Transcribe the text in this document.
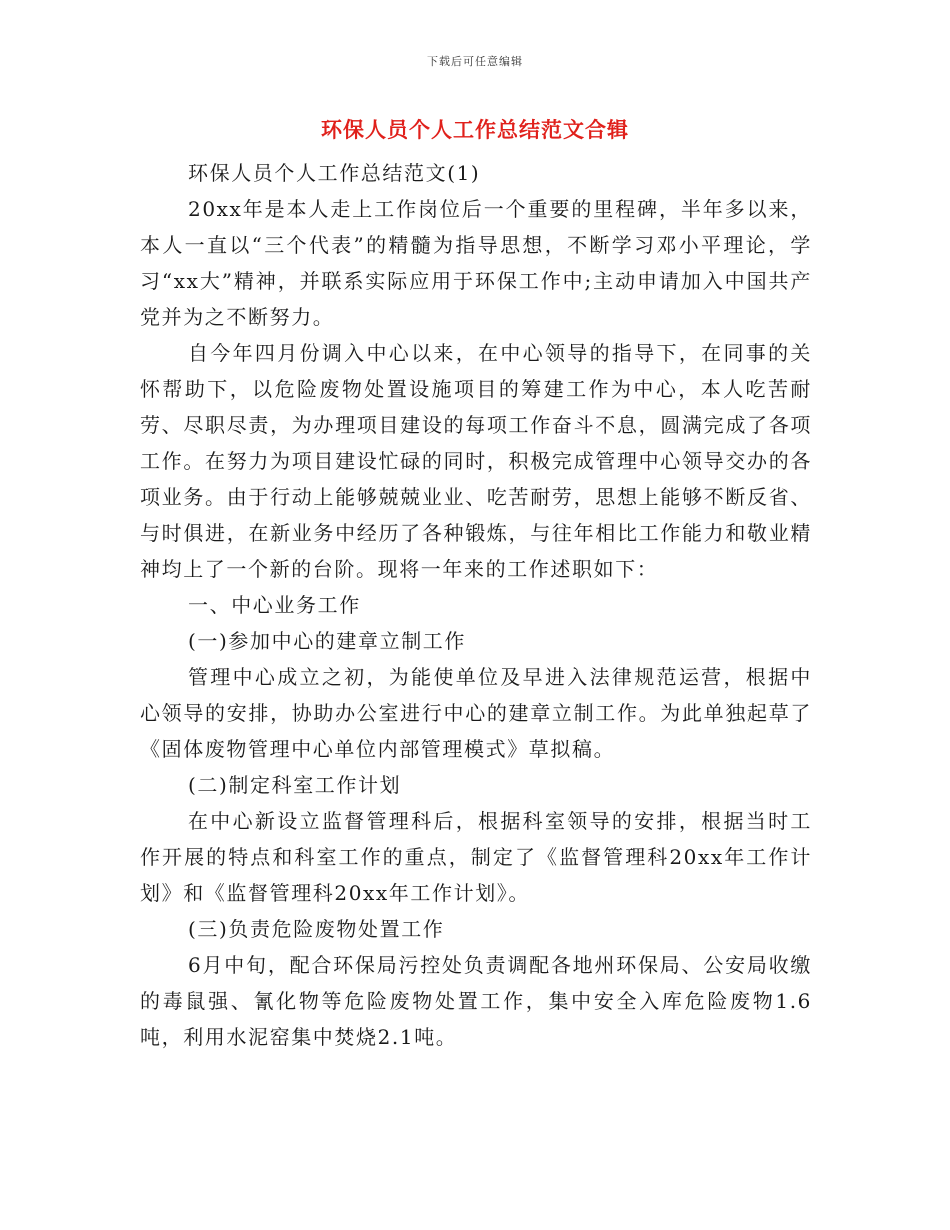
下载后可任意编辑
环保人员个人工作总结范文合辑

环保人员个人工作总结范文(1)

20xx年是本人走上工作岗位后一个重要的里程碑，半年多以来，本人一直以“三个代表”的精髓为指导思想，不断学习邓小平理论，学习“xx大”精神，并联系实际应用于环保工作中;主动申请加入中国共产党并为之不断努力。

自今年四月份调入中心以来，在中心领导的指导下，在同事的关怀帮助下，以危险废物处置设施项目的筹建工作为中心，本人吃苦耐劳、尽职尽责，为办理项目建设的每项工作奋斗不息，圆满完成了各项工作。在努力为项目建设忙碌的同时，积极完成管理中心领导交办的各项业务。由于行动上能够兢兢业业、吃苦耐劳，思想上能够不断反省、与时俱进，在新业务中经历了各种锻炼，与往年相比工作能力和敬业精神均上了一个新的台阶。现将一年来的工作述职如下：

一、中心业务工作

(一)参加中心的建章立制工作

管理中心成立之初，为能使单位及早进入法律规范运营，根据中心领导的安排，协助办公室进行中心的建章立制工作。为此单独起草了《固体废物管理中心单位内部管理模式》草拟稿。

(二)制定科室工作计划

在中心新设立监督管理科后，根据科室领导的安排，根据当时工作开展的特点和科室工作的重点，制定了《监督管理科20xx年工作计划》和《监督管理科20xx年工作计划》。

(三)负责危险废物处置工作

6月中旬，配合环保局污控处负责调配各地州环保局、公安局收缴的毒鼠强、氰化物等危险废物处置工作，集中安全入库危险废物1.6吨，利用水泥窑集中焚烧2.1吨。
